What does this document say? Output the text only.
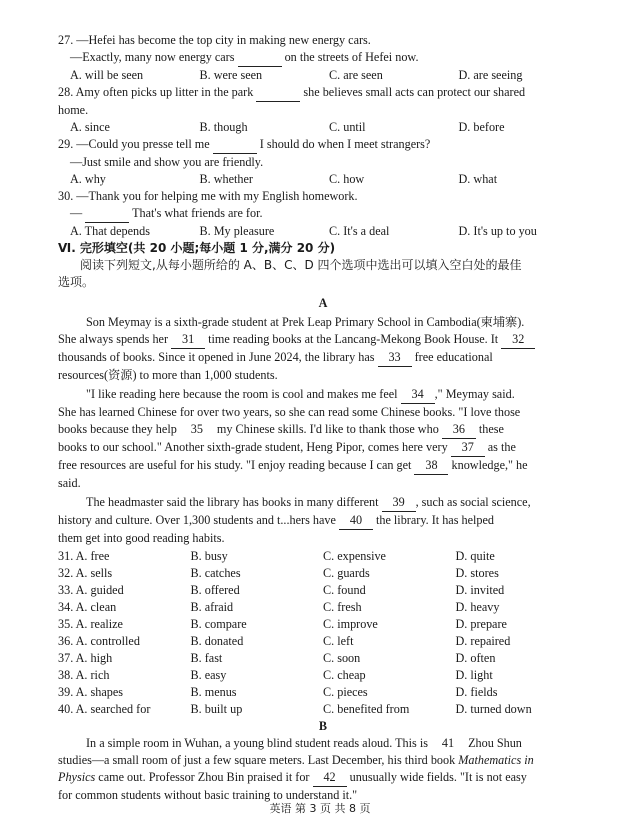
27. —Hefei has become the top city in making new energy cars.
—Exactly, many now energy cars	on the streets of Hefei now.
A. will be seen	B. were seen	C. are seen	D. are seeing
28. Amy often picks up litter in the park	she believes small acts can protect our shared
home.
A. since	B. though	C. until	D. before
29. —Could you presse tell me	I should do when I meet strangers?
—Just smile and show you are friendly.
A. why	B. whether	C. how	D. what
30. —Thank you for helping me with my English homework.
—	That's what friends are for.
A. That depends	B. My pleasure	C. It's a deal	D. It's up to you
Ⅵ. 完形填空(共 20 小题;每小题 1 分,满分 20 分)
阅读下列短文,从每小题所给的 A、B、C、D 四个选项中选出可以填入空白处的最佳
选项。
A
Son Meymay is a sixth-grade student at Prek Leap Primary School in Cambodia(柬埔寨).
She always spends her 31 time reading books at the Lancang-Mekong Book House. It 32
thousands of books. Since it opened in June 2024, the library has 33 free educational
resources(资源) to more than 1,000 students.
"I like reading here because the room is cool and makes me feel 34 ," Meymay said.
She has learned Chinese for over two years, so she can read some Chinese books. "I love those
books because they help 35 my Chinese skills. I'd like to thank those who 36 these
books to our school." Another sixth-grade student, Heng Pipor, comes here very 37 as the
free resources are useful for his study. "I enjoy reading because I can get 38 knowledge," he
said.
The headmaster said the library has books in many different 39 , such as social science,
history and culture. Over 1,300 students and t...hers have 40 the library. It has helped
them get into good reading habits.
31. A. free	B. busy	C. expensive	D. quite
32. A. sells	B. catches	C. guards	D. stores
33. A. guided	B. offered	C. found	D. invited
34. A. clean	B. afraid	C. fresh	D. heavy
35. A. realize	B. compare	C. improve	D. prepare
36. A. controlled	B. donated	C. left	D. repaired
37. A. high	B. fast	C. soon	D. often
38. A. rich	B. easy	C. cheap	D. light
39. A. shapes	B. menus	C. pieces	D. fields
40. A. searched for	B. built up	C. benefited from	D. turned down
B
In a simple room in Wuhan, a young blind student reads aloud. This is 41 Zhou Shun
studies—a small room of just a few square meters. Last December, his third book Mathematics in
Physics came out. Professor Zhou Bin praised it for 42 unusually wide fields. "It is not easy
for common students without basic training to understand it."
英语 第 3 页 共 8 页
